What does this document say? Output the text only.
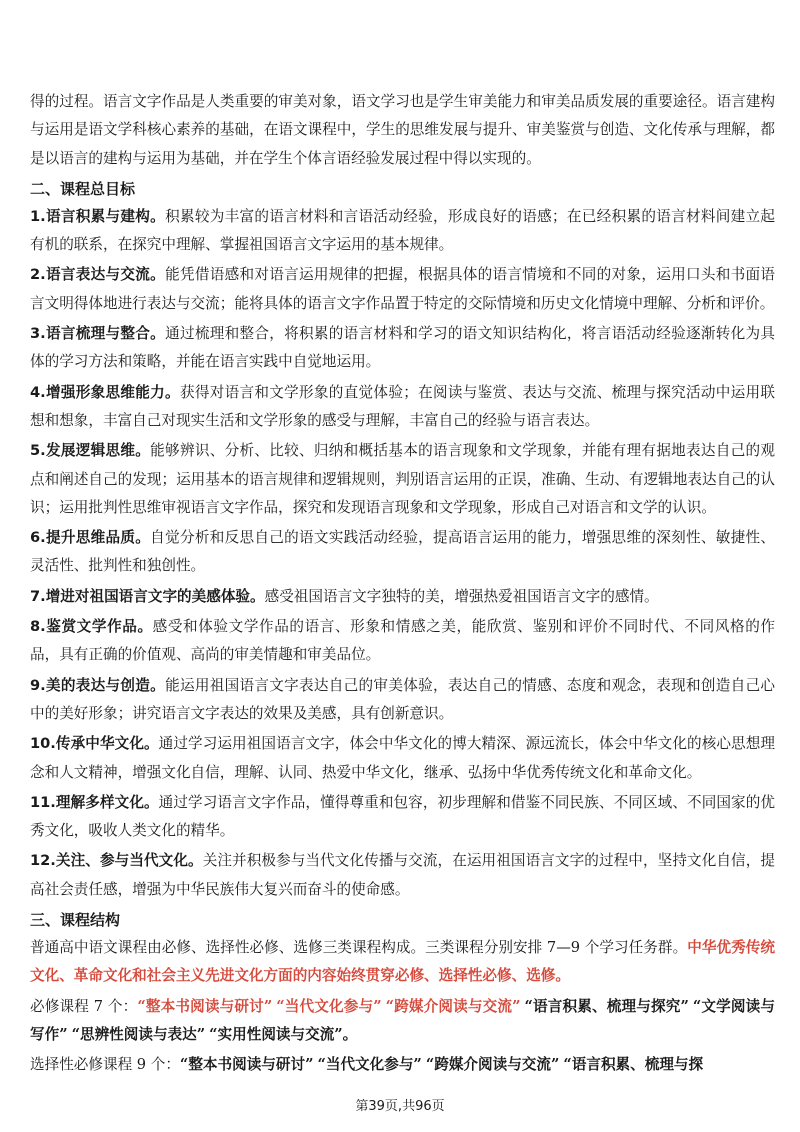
得的过程。语言文字作品是人类重要的审美对象，语文学习也是学生审美能力和审美品质发展的重要途径。语言建构与运用是语文学科核心素养的基础，在语文课程中，学生的思维发展与提升、审美鉴赏与创造、文化传承与理解，都是以语言的建构与运用为基础，并在学生个体言语经验发展过程中得以实现的。

二、课程总目标

1.语言积累与建构。积累较为丰富的语言材料和言语活动经验，形成良好的语感；在已经积累的语言材料间建立起有机的联系，在探究中理解、掌握祖国语言文字运用的基本规律。

2.语言表达与交流。能凭借语感和对语言运用规律的把握，根据具体的语言情境和不同的对象，运用口头和书面语言文明得体地进行表达与交流；能将具体的语言文字作品置于特定的交际情境和历史文化情境中理解、分析和评价。

3.语言梳理与整合。通过梳理和整合，将积累的语言材料和学习的语文知识结构化，将言语活动经验逐渐转化为具体的学习方法和策略，并能在语言实践中自觉地运用。

4.增强形象思维能力。获得对语言和文学形象的直觉体验；在阅读与鉴赏、表达与交流、梳理与探究活动中运用联想和想象，丰富自己对现实生活和文学形象的感受与理解，丰富自己的经验与语言表达。

5.发展逻辑思维。能够辨识、分析、比较、归纳和概括基本的语言现象和文学现象，并能有理有据地表达自己的观点和阐述自己的发现；运用基本的语言规律和逻辑规则，判别语言运用的正误，准确、生动、有逻辑地表达自己的认识；运用批判性思维审视语言文字作品，探究和发现语言现象和文学现象，形成自己对语言和文学的认识。

6.提升思维品质。自觉分析和反思自己的语文实践活动经验，提高语言运用的能力，增强思维的深刻性、敏捷性、灵活性、批判性和独创性。

7.增进对祖国语言文字的美感体验。感受祖国语言文字独特的美，增强热爱祖国语言文字的感情。

8.鉴赏文学作品。感受和体验文学作品的语言、形象和情感之美，能欣赏、鉴别和评价不同时代、不同风格的作品，具有正确的价值观、高尚的审美情趣和审美品位。

9.美的表达与创造。能运用祖国语言文字表达自己的审美体验，表达自己的情感、态度和观念，表现和创造自己心中的美好形象；讲究语言文字表达的效果及美感，具有创新意识。

10.传承中华文化。通过学习运用祖国语言文字，体会中华文化的博大精深、源远流长，体会中华文化的核心思想理念和人文精神，增强文化自信，理解、认同、热爱中华文化，继承、弘扬中华优秀传统文化和革命文化。

11.理解多样文化。通过学习语言文字作品，懂得尊重和包容，初步理解和借鉴不同民族、不同区域、不同国家的优秀文化，吸收人类文化的精华。

12.关注、参与当代文化。关注并积极参与当代文化传播与交流，在运用祖国语言文字的过程中，坚持文化自信，提高社会责任感，增强为中华民族伟大复兴而奋斗的使命感。

三、课程结构

普通高中语文课程由必修、选择性必修、选修三类课程构成。三类课程分别安排 7—9 个学习任务群。中华优秀传统文化、革命文化和社会主义先进文化方面的内容始终贯穿必修、选择性必修、选修。

必修课程 7 个：“整本书阅读与研讨” “当代文化参与” “跨媒介阅读与交流” “语言积累、梳理与探究” “文学阅读与写作” “思辨性阅读与表达” “实用性阅读与交流”。

选择性必修课程 9 个：“整本书阅读与研讨” “当代文化参与” “跨媒介阅读与交流” “语言积累、梳理与探

第39页,共96页
